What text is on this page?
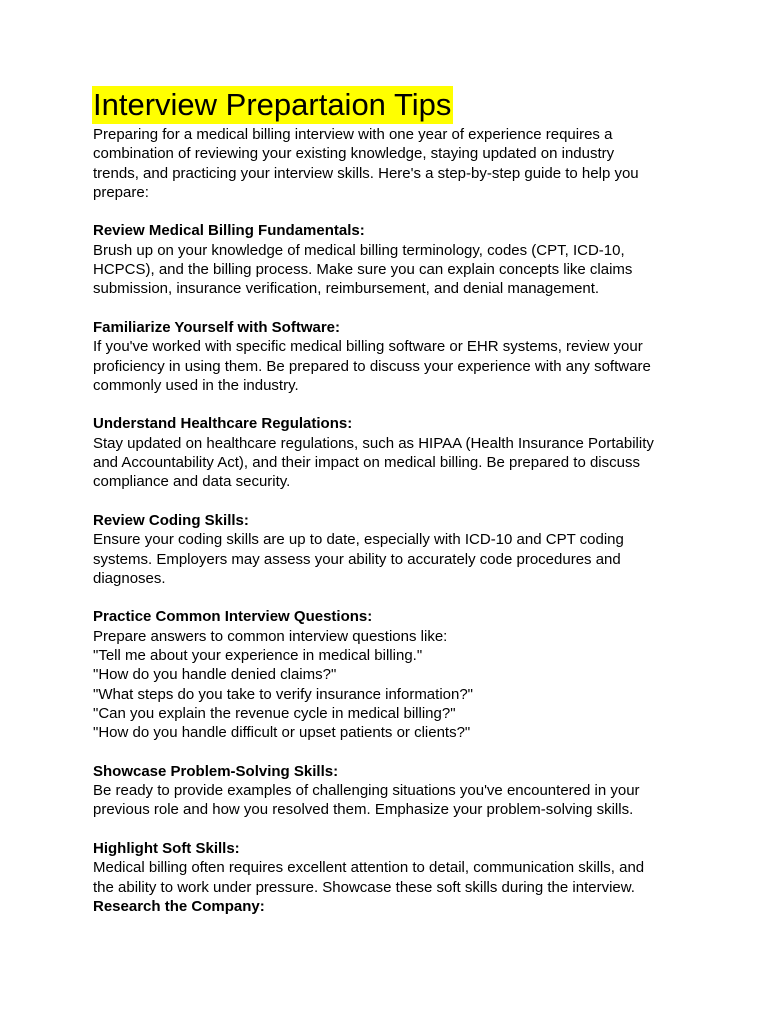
Interview Prepartaion Tips
Preparing for a medical billing interview with one year of experience requires a
combination of reviewing your existing knowledge, staying updated on industry
trends, and practicing your interview skills. Here's a step-by-step guide to help you
prepare:
Review Medical Billing Fundamentals:
Brush up on your knowledge of medical billing terminology, codes (CPT, ICD-10,
HCPCS), and the billing process. Make sure you can explain concepts like claims
submission, insurance verification, reimbursement, and denial management.
Familiarize Yourself with Software:
If you've worked with specific medical billing software or EHR systems, review your
proficiency in using them. Be prepared to discuss your experience with any software
commonly used in the industry.
Understand Healthcare Regulations:
Stay updated on healthcare regulations, such as HIPAA (Health Insurance Portability
and Accountability Act), and their impact on medical billing. Be prepared to discuss
compliance and data security.
Review Coding Skills:
Ensure your coding skills are up to date, especially with ICD-10 and CPT coding
systems. Employers may assess your ability to accurately code procedures and
diagnoses.
Practice Common Interview Questions:
Prepare answers to common interview questions like:
"Tell me about your experience in medical billing."
"How do you handle denied claims?"
"What steps do you take to verify insurance information?"
"Can you explain the revenue cycle in medical billing?"
"How do you handle difficult or upset patients or clients?"
Showcase Problem-Solving Skills:
Be ready to provide examples of challenging situations you've encountered in your
previous role and how you resolved them. Emphasize your problem-solving skills.
Highlight Soft Skills:
Medical billing often requires excellent attention to detail, communication skills, and
the ability to work under pressure. Showcase these soft skills during the interview.
Research the Company:
